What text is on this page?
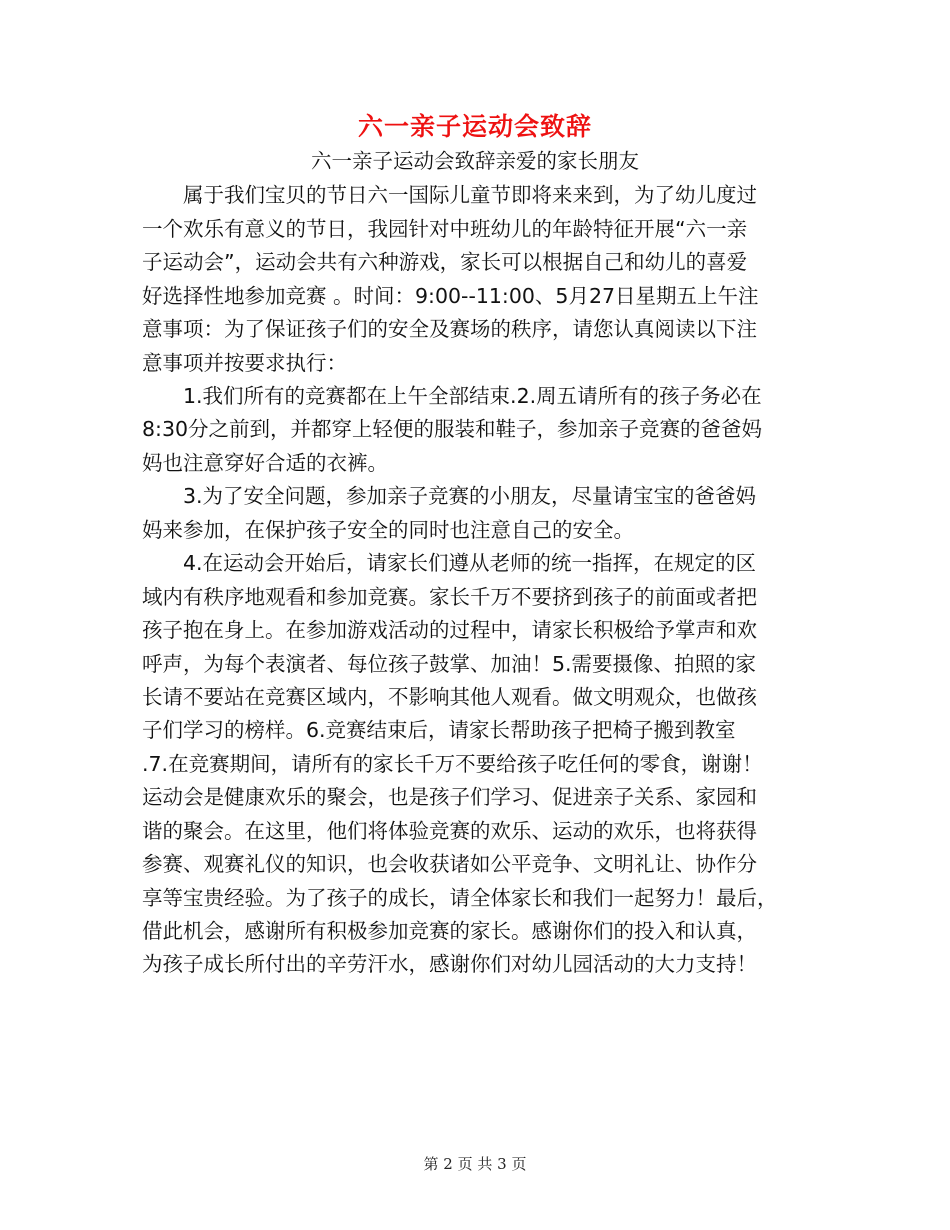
六一亲子运动会致辞
六一亲子运动会致辞亲爱的家长朋友
　　属于我们宝贝的节日六一国际儿童节即将来来到，为了幼儿度过
一个欢乐有意义的节日，我园针对中班幼儿的年龄特征开展“六一亲
子运动会”，运动会共有六种游戏，家长可以根据自己和幼儿的喜爱
好选择性地参加竞赛 。时间：9:00--11:00、5月27日星期五上午注
意事项：为了保证孩子们的安全及赛场的秩序，请您认真阅读以下注
意事项并按要求执行：
　　1.我们所有的竞赛都在上午全部结束.2.周五请所有的孩子务必在
8:30分之前到，并都穿上轻便的服装和鞋子，参加亲子竞赛的爸爸妈
妈也注意穿好合适的衣裤。
　　3.为了安全问题，参加亲子竞赛的小朋友，尽量请宝宝的爸爸妈
妈来参加，在保护孩子安全的同时也注意自己的安全。
　　4.在运动会开始后，请家长们遵从老师的统一指挥，在规定的区
域内有秩序地观看和参加竞赛。家长千万不要挤到孩子的前面或者把
孩子抱在身上。在参加游戏活动的过程中，请家长积极给予掌声和欢
呼声，为每个表演者、每位孩子鼓掌、加油！5.需要摄像、拍照的家
长请不要站在竞赛区域内，不影响其他人观看。做文明观众，也做孩
子们学习的榜样。6.竞赛结束后，请家长帮助孩子把椅子搬到教室
.7.在竞赛期间，请所有的家长千万不要给孩子吃任何的零食，谢谢！
运动会是健康欢乐的聚会，也是孩子们学习、促进亲子关系、家园和
谐的聚会。在这里，他们将体验竞赛的欢乐、运动的欢乐，也将获得
参赛、观赛礼仪的知识，也会收获诸如公平竞争、文明礼让、协作分
享等宝贵经验。为了孩子的成长，请全体家长和我们一起努力！最后，
借此机会，感谢所有积极参加竞赛的家长。感谢你们的投入和认真，
为孩子成长所付出的辛劳汗水，感谢你们对幼儿园活动的大力支持！
第 2 页 共 3 页
